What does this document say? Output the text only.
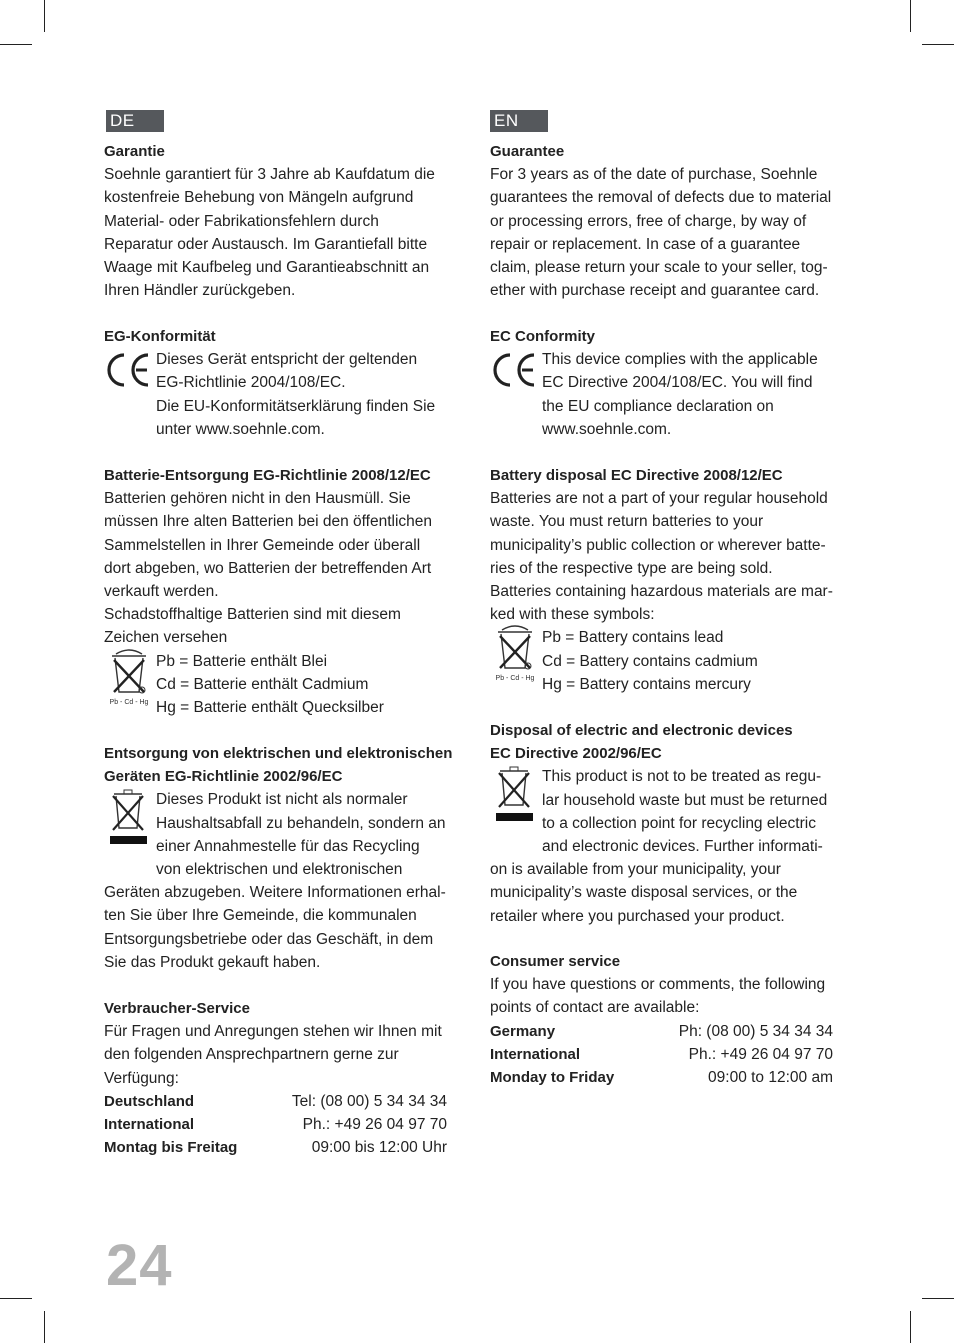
DE
Garantie
Soehnle garantiert für 3 Jahre ab Kaufdatum die
kostenfreie Behebung von Mängeln aufgrund
Material- oder Fabrikationsfehlern durch
Reparatur oder Austausch. Im Garantiefall bitte
Waage mit Kaufbeleg und Garantieabschnitt an
Ihren Händler zurückgeben.
EG-Konformität
Dieses Gerät entspricht der geltenden
EG-Richtlinie 2004/108/EC.
Die EU-Konformitätserklärung finden Sie
unter www.soehnle.com.
Batterie-Entsorgung EG-Richtlinie 2008/12/EC
Batterien gehören nicht in den Hausmüll. Sie
müssen Ihre alten Batterien bei den öffentlichen
Sammelstellen in Ihrer Gemeinde oder überall
dort abgeben, wo Batterien der betreffenden Art
verkauft werden.
Schadstoffhaltige Batterien sind mit diesem
Zeichen versehen
Pb - Cd - Hg
Pb = Batterie enthält Blei
Cd = Batterie enthält Cadmium
Hg = Batterie enthält Quecksilber
Entsorgung von elektrischen und elektronischen
Geräten EG-Richtlinie 2002/96/EC
Dieses Produkt ist nicht als normaler
Haushaltsabfall zu behandeln, sondern an
einer Annahmestelle für das Recycling
von elektrischen und elektronischen
Geräten abzugeben. Weitere Informationen erhal-
ten Sie über Ihre Gemeinde, die kommunalen
Entsorgungsbetriebe oder das Geschäft, in dem
Sie das Produkt gekauft haben.
Verbraucher-Service
Für Fragen und Anregungen stehen wir Ihnen mit
den folgenden Ansprechpartnern gerne zur
Verfügung:
Deutschland	Tel: (08 00) 5 34 34 34
International	Ph.: +49 26 04 97 70
Montag bis Freitag	09:00 bis 12:00 Uhr
EN
Guarantee
For 3 years as of the date of purchase, Soehnle
guarantees the removal of defects due to material
or processing errors, free of charge, by way of
repair or replacement. In case of a guarantee
claim, please return your scale to your seller, tog-
ether with purchase receipt and guarantee card.
EC Conformity
This device complies with the applicable
EC Directive 2004/108/EC. You will find
the EU compliance declaration on
www.soehnle.com.
Battery disposal EC Directive 2008/12/EC
Batteries are not a part of your regular household
waste. You must return batteries to your
municipality’s public collection or wherever batte-
ries of the respective type are being sold.
Batteries containing hazardous materials are mar-
ked with these symbols:
Pb - Cd - Hg
Pb = Battery contains lead
Cd = Battery contains cadmium
Hg = Battery contains mercury
Disposal of electric and electronic devices
EC Directive 2002/96/EC
This product is not to be treated as regu-
lar household waste but must be returned
to a collection point for recycling electric
and electronic devices. Further informati-
on is available from your municipality, your
municipality’s waste disposal services, or the
retailer where you purchased your product.
Consumer service
If you have questions or comments, the following
points of contact are available:
Germany	Ph: (08 00) 5 34 34 34
International	Ph.: +49 26 04 97 70
Monday to Friday	09:00 to 12:00 am
24
